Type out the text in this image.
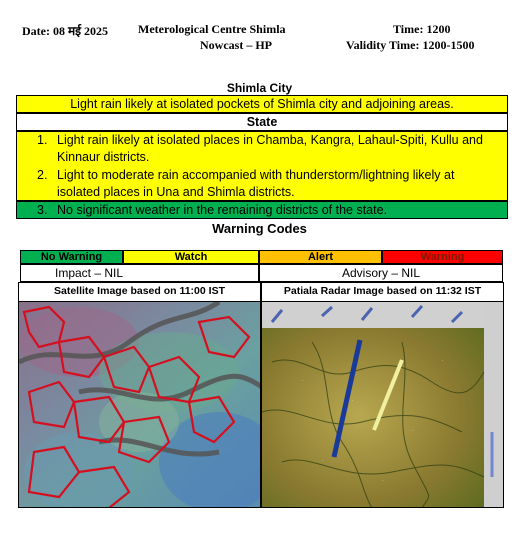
Date: 08 मई 2025 Meterological Centre Shimla	Time: 1200
Nowcast – HP	Validity Time: 1200-1500
Shimla City
Light rain likely at isolated pockets of Shimla city and adjoining areas.
State
1. Light rain likely at isolated places in Chamba, Kangra, Lahaul-Spiti, Kullu and
Kinnaur districts.
2. Light to moderate rain accompanied with thunderstorm/lightning likely at
isolated places in Una and Shimla districts.
3. No significant weather in the remaining districts of the state.
Warning Codes
No Warning	Watch	Alert	Warning
Impact – NIL	Advisory – NIL
Satellite Image based on 11:00 IST	Patiala Radar Image based on 11:32 IST
·
·
·
·
·
·
